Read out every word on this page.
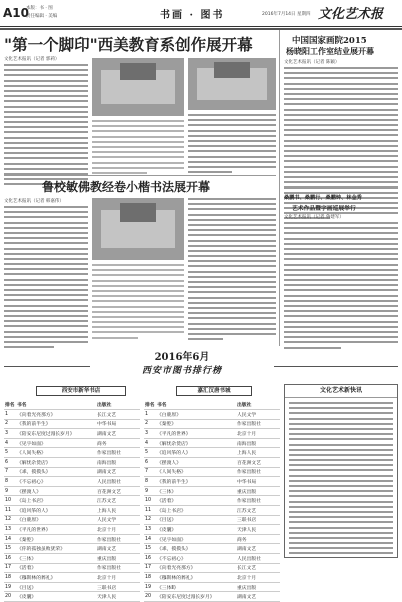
A10
本版：书 · 图
责任编辑 · 美编	书画 · 图书	2016年7月14日 星期四 文化艺术报
"第一个脚印"西美教育系创作展开幕
文化艺术报讯（记者 郭莉）
中国国家画院2015
杨晓阳工作室结业展开幕
文化艺术报讯（记者 陈颖）
鲁校敏佛教经卷小楷书法展开幕
文化艺术报讯（记者 韩嘉伟）
桑鹏书、桑鹏行、桑鹏钟、林金秀
艺术作品暨字画巡展举行
文化艺术报讯（记者 鲁建军）
2016年6月
西安市图书排行榜
西安市新华书店	嘉汇汉唐书城
排名	书名	出版社
1	《向着光亮那方》	长江文艺
2	《我的前半生》	中华书局
3	《陪安东尼度过漫长岁月》	湖南文艺
4	《见字如面》	商务
5	《人间失格》	作家出版社
6	《解忧杂货店》	南海出版
7	《乖，摸摸头》	湖南文艺
8	《不忘初心》	人民出版社
9	《摆渡人》	百花洲文艺
10	《岛上书店》	江苏文艺
11	《追风筝的人》	上海人民
12	《白鹿原》	人民文学
13	《平凡的世界》	北京十月
14	《秦腔》	作家出版社
15	《你的孤独虽败犹荣》	湖南文艺
16	《三体》	重庆出版
17	《活着》	作家出版社
18	《穆斯林的葬礼》	北京十月
19	《目送》	三联书店
20	《皮囊》	天津人民
排名	书名	出版社
1	《白鹿原》	人民文学
2	《秦腔》	作家出版社
3	《平凡的世界》	北京十月
4	《解忧杂货店》	南海出版
5	《追风筝的人》	上海人民
6	《摆渡人》	百花洲文艺
7	《人间失格》	作家出版社
8	《我的前半生》	中华书局
9	《三体》	重庆出版
10	《活着》	作家出版社
11	《岛上书店》	江苏文艺
12	《目送》	三联书店
13	《皮囊》	天津人民
14	《见字如面》	商务
15	《乖，摸摸头》	湖南文艺
16	《不忘初心》	人民出版社
17	《向着光亮那方》	长江文艺
18	《穆斯林的葬礼》	北京十月
19	《三体Ⅱ》	重庆出版
20	《陪安东尼度过漫长岁月》	湖南文艺
文化艺术新快讯
